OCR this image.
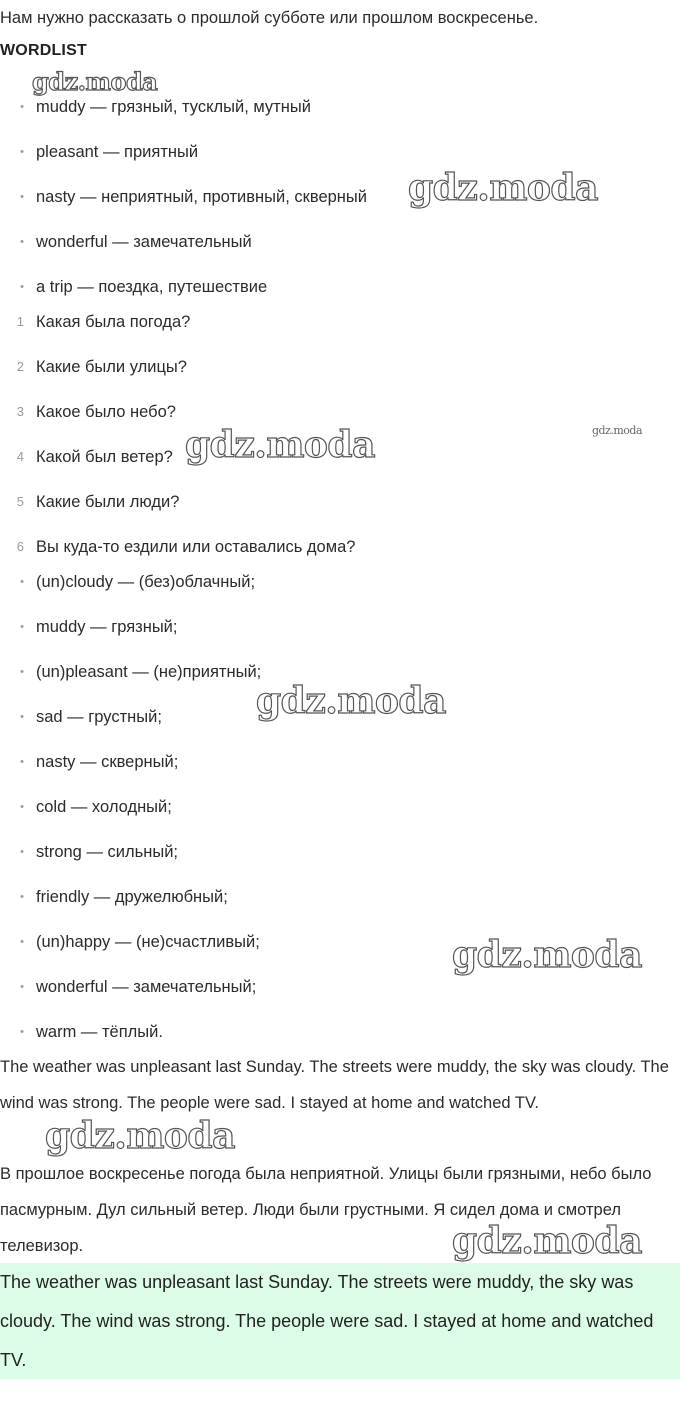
Нам нужно рассказать о прошлой субботе или прошлом воскресенье.
WORDLIST
• muddy — грязный, тусклый, мутный
• pleasant — приятный
• nasty — неприятный, противный, скверный
• wonderful — замечательный
• a trip — поездка, путешествие
1 Какая была погода?
2 Какие были улицы?
3 Какое было небо?
4 Какой был ветер?
5 Какие были люди?
6 Вы куда-то ездили или оставались дома?
• (un)cloudy — (без)облачный;
• muddy — грязный;
• (un)pleasant — (не)приятный;
• sad — грустный;
• nasty — скверный;
• cold — холодный;
• strong — сильный;
• friendly — дружелюбный;
• (un)happy — (не)счастливый;
• wonderful — замечательный;
• warm — тёплый.
The weather was unpleasant last Sunday. The streets were muddy, the sky was cloudy. The wind was strong. The people were sad. I stayed at home and watched TV.
В прошлое воскресенье погода была неприятной. Улицы были грязными, небо было пасмурным. Дул сильный ветер. Люди были грустными. Я сидел дома и смотрел телевизор.
The weather was unpleasant last Sunday. The streets were muddy, the sky was cloudy. The wind was strong. The people were sad. I stayed at home and watched TV.
gdz.moda
gdz.moda
gdz.moda
gdz.moda
gdz.moda
gdz.moda
gdz.moda
gdz.moda
